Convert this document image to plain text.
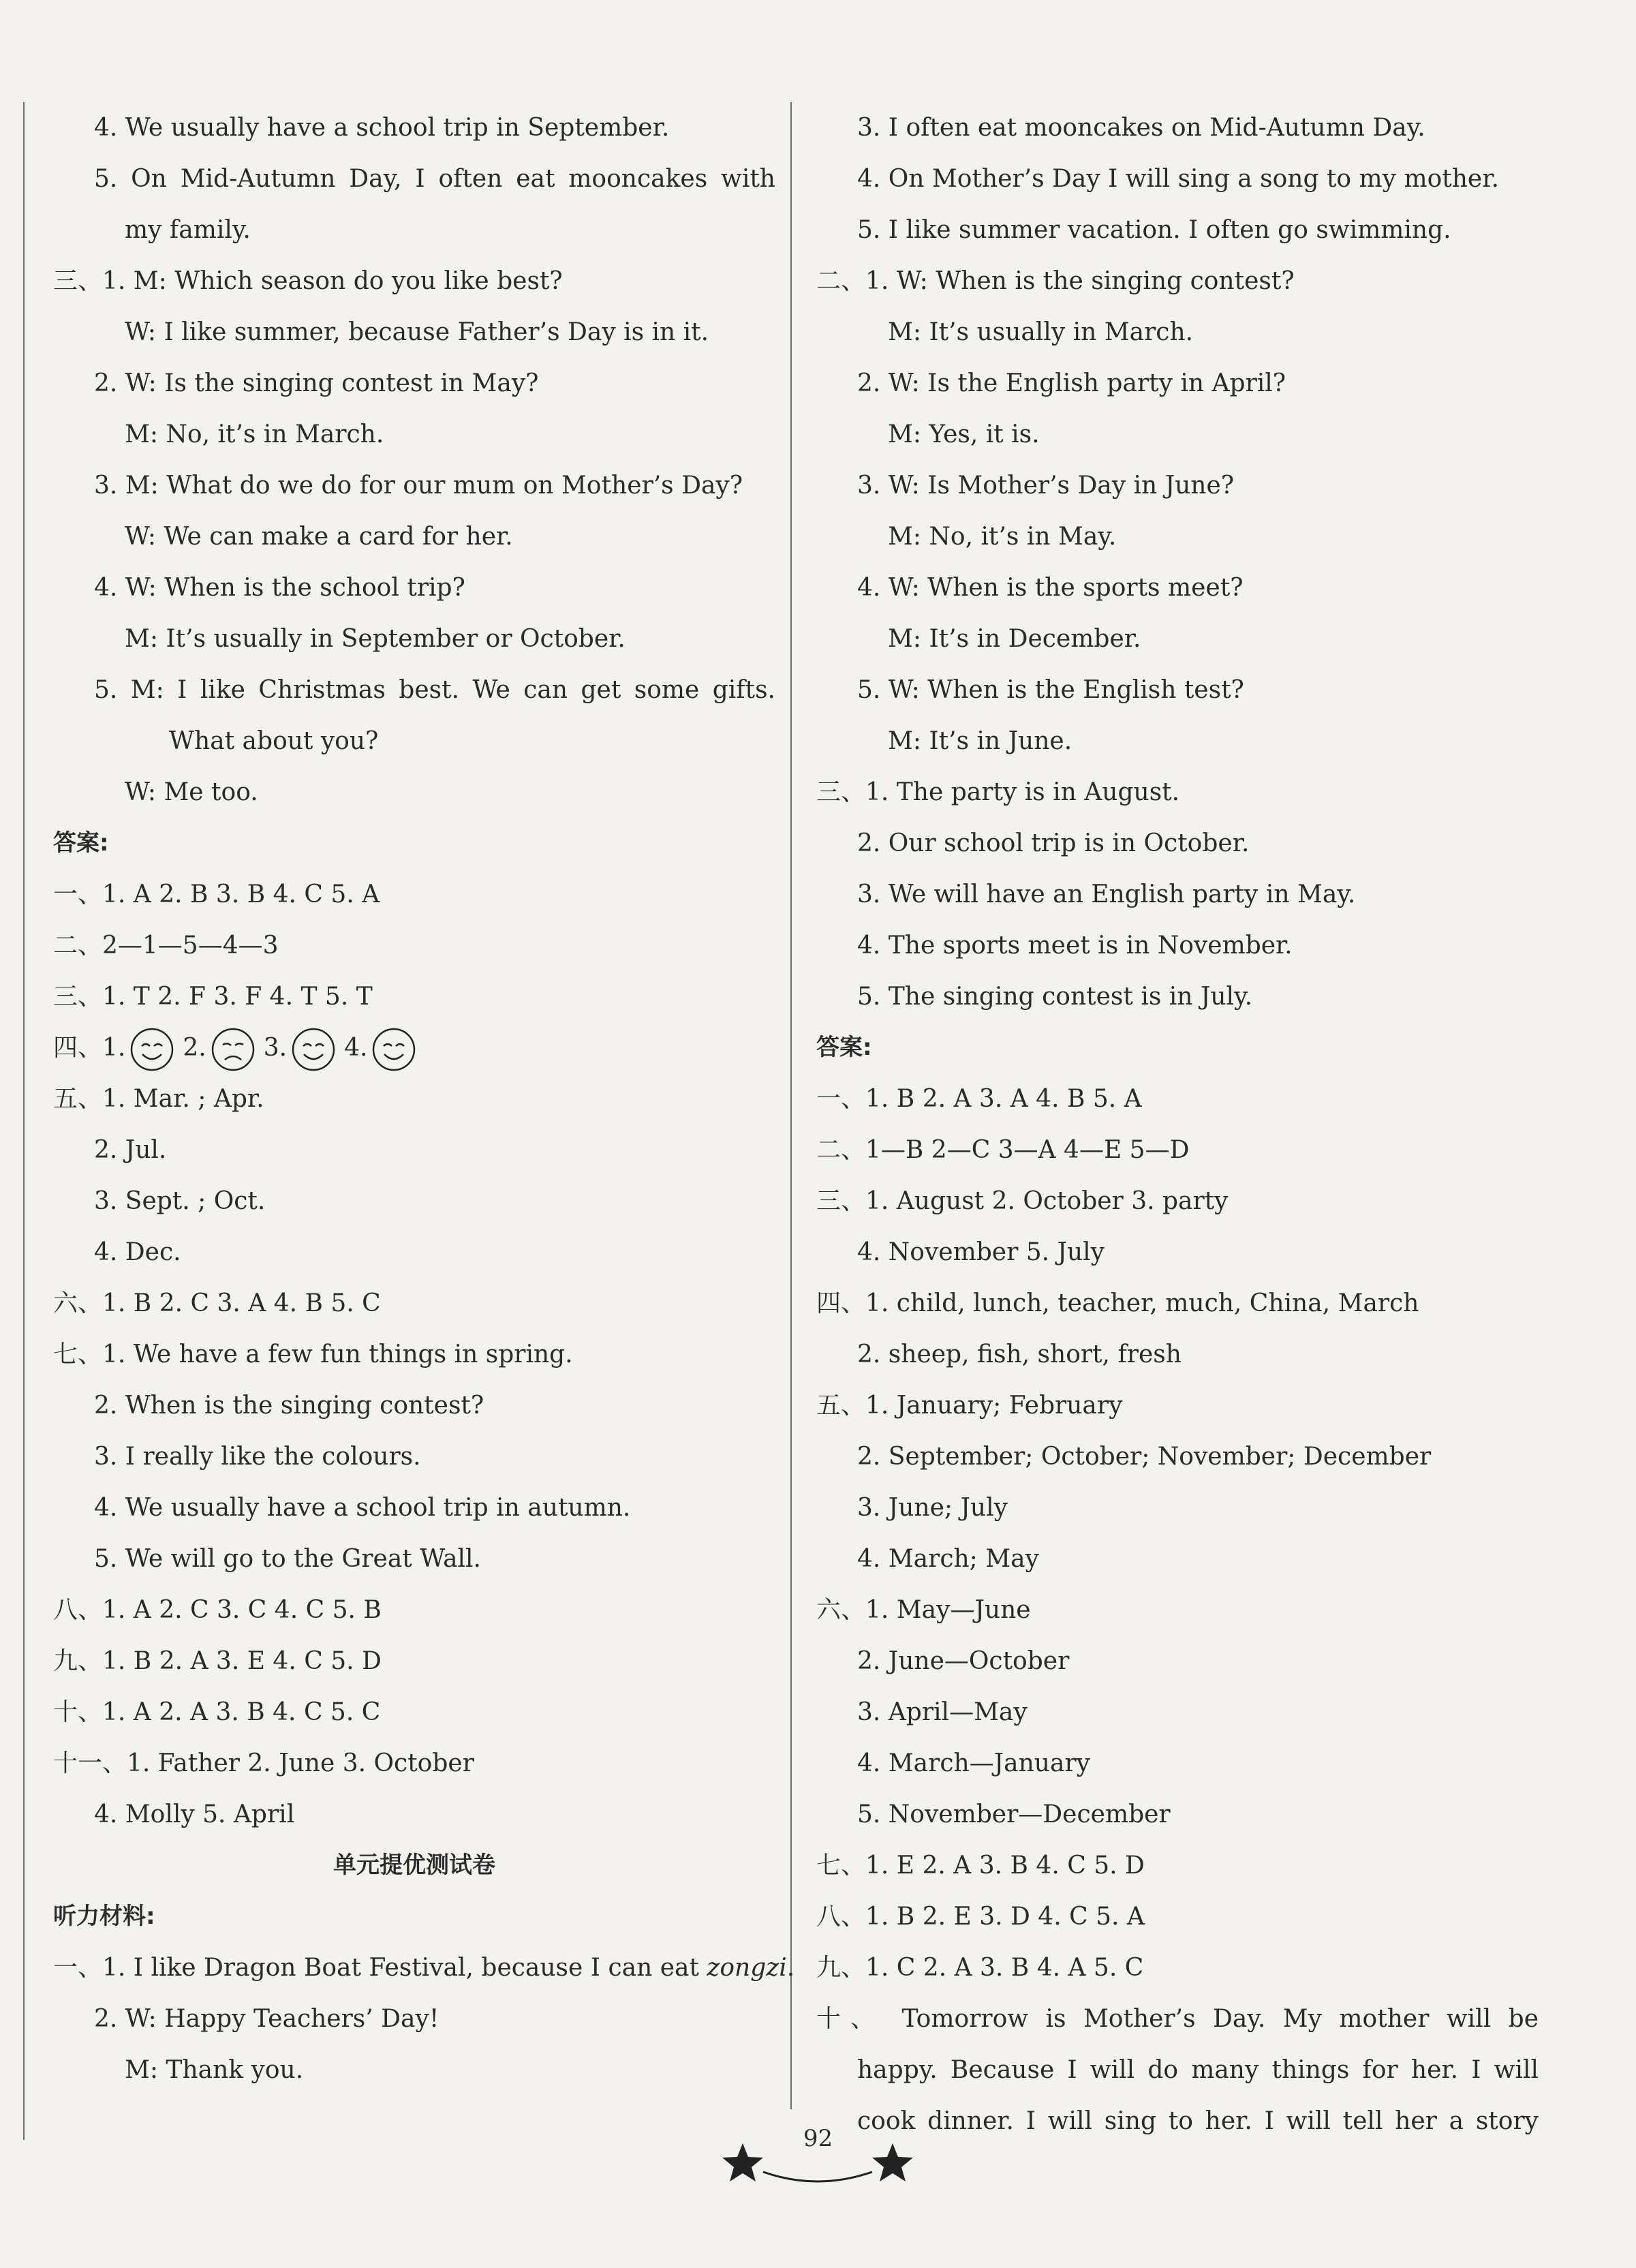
4. We usually have a school trip in September.
5. On Mid-Autumn Day, I often eat mooncakes with
my family.
三、1. M: Which season do you like best?
W: I like summer, because Father’s Day is in it.
2. W: Is the singing contest in May?
M: No, it’s in March.
3. M: What do we do for our mum on Mother’s Day?
W: We can make a card for her.
4. W: When is the school trip?
M: It’s usually in September or October.
5. M: I like Christmas best. We can get some gifts.
What about you?
W: Me too.
答案:
一、1. A 2. B 3. B 4. C 5. A
二、2—1—5—4—3
三、1. T 2. F 3. F 4. T 5. T
四、1. 2. 3. 4.
五、1. Mar. ; Apr.
2. Jul.
3. Sept. ; Oct.
4. Dec.
六、1. B 2. C 3. A 4. B 5. C
七、1. We have a few fun things in spring.
2. When is the singing contest?
3. I really like the colours.
4. We usually have a school trip in autumn.
5. We will go to the Great Wall.
八、1. A 2. C 3. C 4. C 5. B
九、1. B 2. A 3. E 4. C 5. D
十、1. A 2. A 3. B 4. C 5. C
十一、1. Father 2. June 3. October
4. Molly 5. April
单元提优测试卷
听力材料:
一、1. I like Dragon Boat Festival, because I can eat zongzi.
2. W: Happy Teachers’ Day!
M: Thank you.
3. I often eat mooncakes on Mid-Autumn Day.
4. On Mother’s Day I will sing a song to my mother.
5. I like summer vacation. I often go swimming.
二、1. W: When is the singing contest?
M: It’s usually in March.
2. W: Is the English party in April?
M: Yes, it is.
3. W: Is Mother’s Day in June?
M: No, it’s in May.
4. W: When is the sports meet?
M: It’s in December.
5. W: When is the English test?
M: It’s in June.
三、1. The party is in August.
2. Our school trip is in October.
3. We will have an English party in May.
4. The sports meet is in November.
5. The singing contest is in July.
答案:
一、1. B 2. A 3. A 4. B 5. A
二、1—B 2—C 3—A 4—E 5—D
三、1. August 2. October 3. party
4. November 5. July
四、1. child, lunch, teacher, much, China, March
2. sheep, fish, short, fresh
五、1. January; February
2. September; October; November; December
3. June; July
4. March; May
六、1. May—June
2. June—October
3. April—May
4. March—January
5. November—December
七、1. E 2. A 3. B 4. C 5. D
八、1. B 2. E 3. D 4. C 5. A
九、1. C 2. A 3. B 4. A 5. C
十、 Tomorrow is Mother’s Day. My mother will be
happy. Because I will do many things for her. I will
cook dinner. I will sing to her. I will tell her a story
92
